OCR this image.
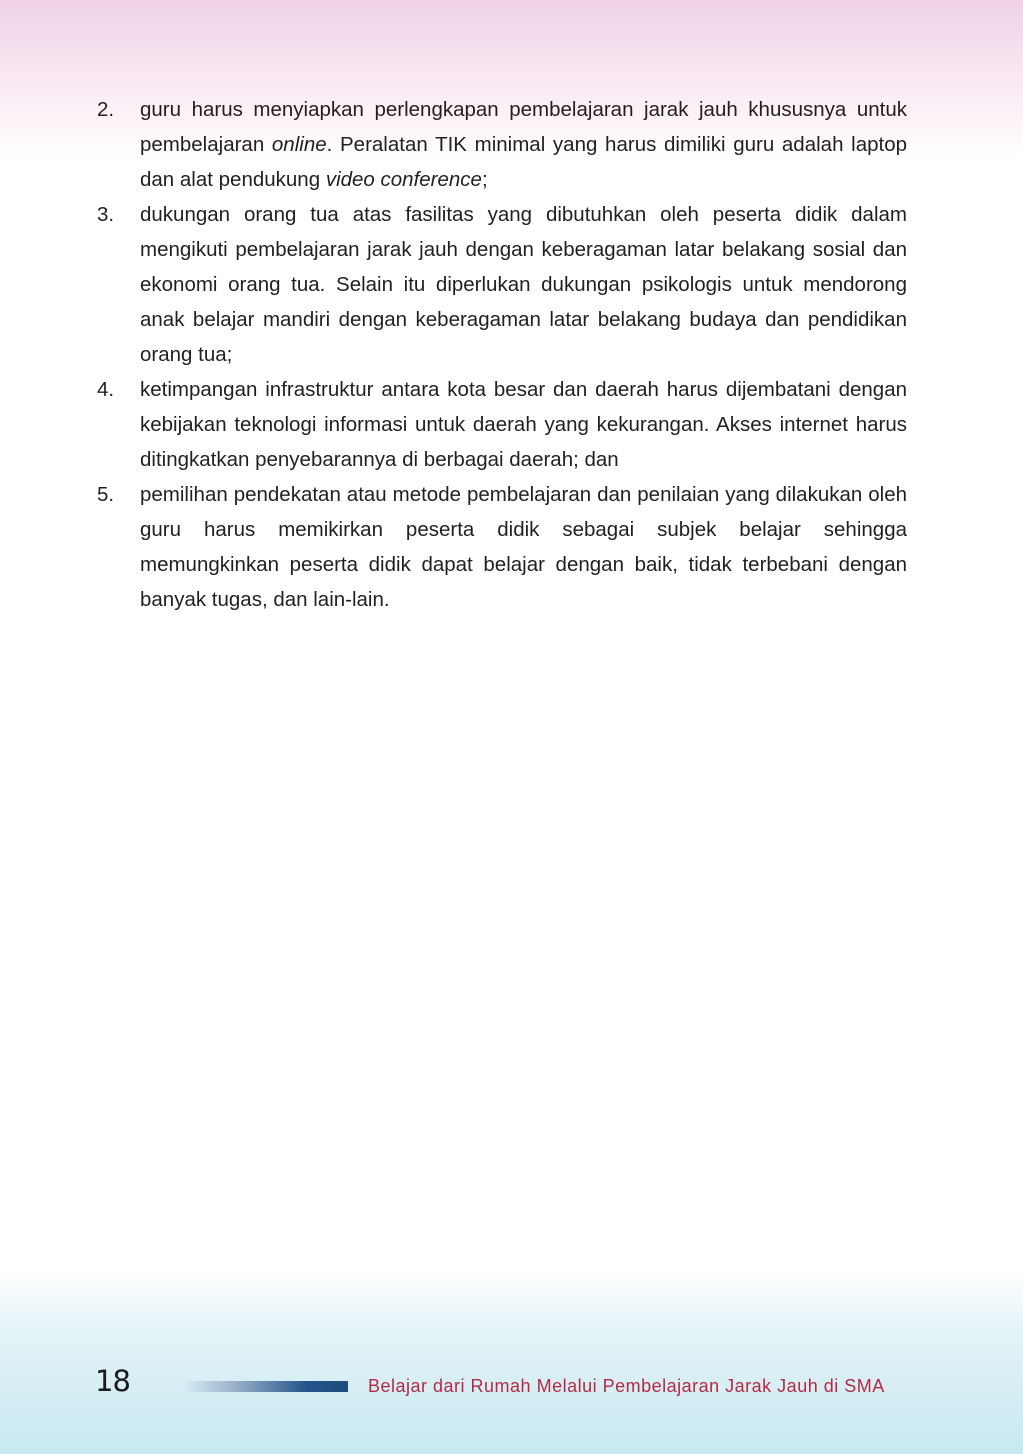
2.	guru harus menyiapkan perlengkapan pembelajaran jarak jauh khususnya untuk pembelajaran online. Peralatan TIK minimal yang harus dimiliki guru adalah laptop dan alat pendukung video conference;
3.	dukungan orang tua atas fasilitas yang dibutuhkan oleh peserta didik dalam mengikuti pembelajaran jarak jauh dengan keberagaman latar belakang sosial dan ekonomi orang tua. Selain itu diperlukan dukungan psikologis untuk mendorong anak belajar mandiri dengan keberagaman latar belakang budaya dan pendidikan orang tua;
4.	ketimpangan infrastruktur antara kota besar dan daerah harus dijembatani dengan kebijakan teknologi informasi untuk daerah yang kekurangan. Akses internet harus ditingkatkan penyebarannya di berbagai daerah; dan
5.	pemilihan pendekatan atau metode pembelajaran dan penilaian yang dilakukan oleh guru harus memikirkan peserta didik sebagai subjek belajar sehingga memungkinkan peserta didik dapat belajar dengan baik, tidak terbebani dengan banyak tugas, dan lain-lain.
18	Belajar dari Rumah Melalui Pembelajaran Jarak Jauh di SMA
